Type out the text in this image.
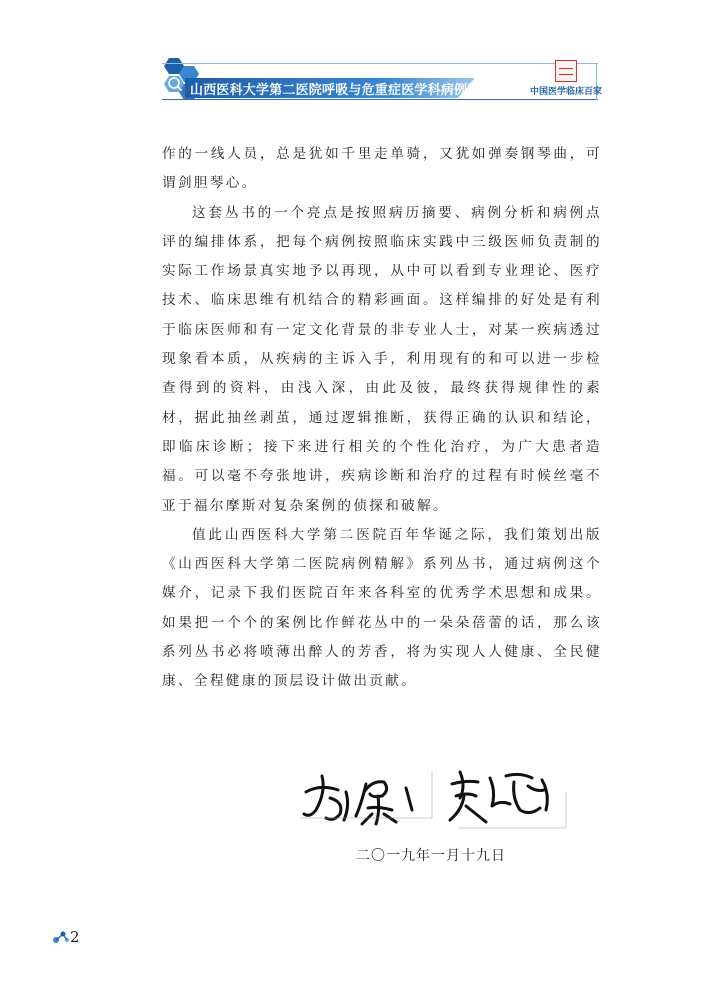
山西医科大学第二医院呼吸与危重症医学科病例精解	中国医学临床百家

作的一线人员，总是犹如千里走单骑，又犹如弹奏钢琴曲，可谓剑胆琴心。

这套丛书的一个亮点是按照病历摘要、病例分析和病例点评的编排体系，把每个病例按照临床实践中三级医师负责制的实际工作场景真实地予以再现，从中可以看到专业理论、医疗技术、临床思维有机结合的精彩画面。这样编排的好处是有利于临床医师和有一定文化背景的非专业人士，对某一疾病透过现象看本质，从疾病的主诉入手，利用现有的和可以进一步检查得到的资料，由浅入深，由此及彼，最终获得规律性的素材，据此抽丝剥茧，通过逻辑推断，获得正确的认识和结论，即临床诊断；接下来进行相关的个性化治疗，为广大患者造福。可以毫不夸张地讲，疾病诊断和治疗的过程有时候丝毫不亚于福尔摩斯对复杂案例的侦探和破解。

值此山西医科大学第二医院百年华诞之际，我们策划出版《山西医科大学第二医院病例精解》系列丛书，通过病例这个媒介，记录下我们医院百年来各科室的优秀学术思想和成果。如果把一个个的案例比作鲜花丛中的一朵朵蓓蕾的话，那么该系列丛书必将喷薄出醉人的芳香，将为实现人人健康、全民健康、全程健康的顶层设计做出贡献。

二〇一九年一月十九日
2
